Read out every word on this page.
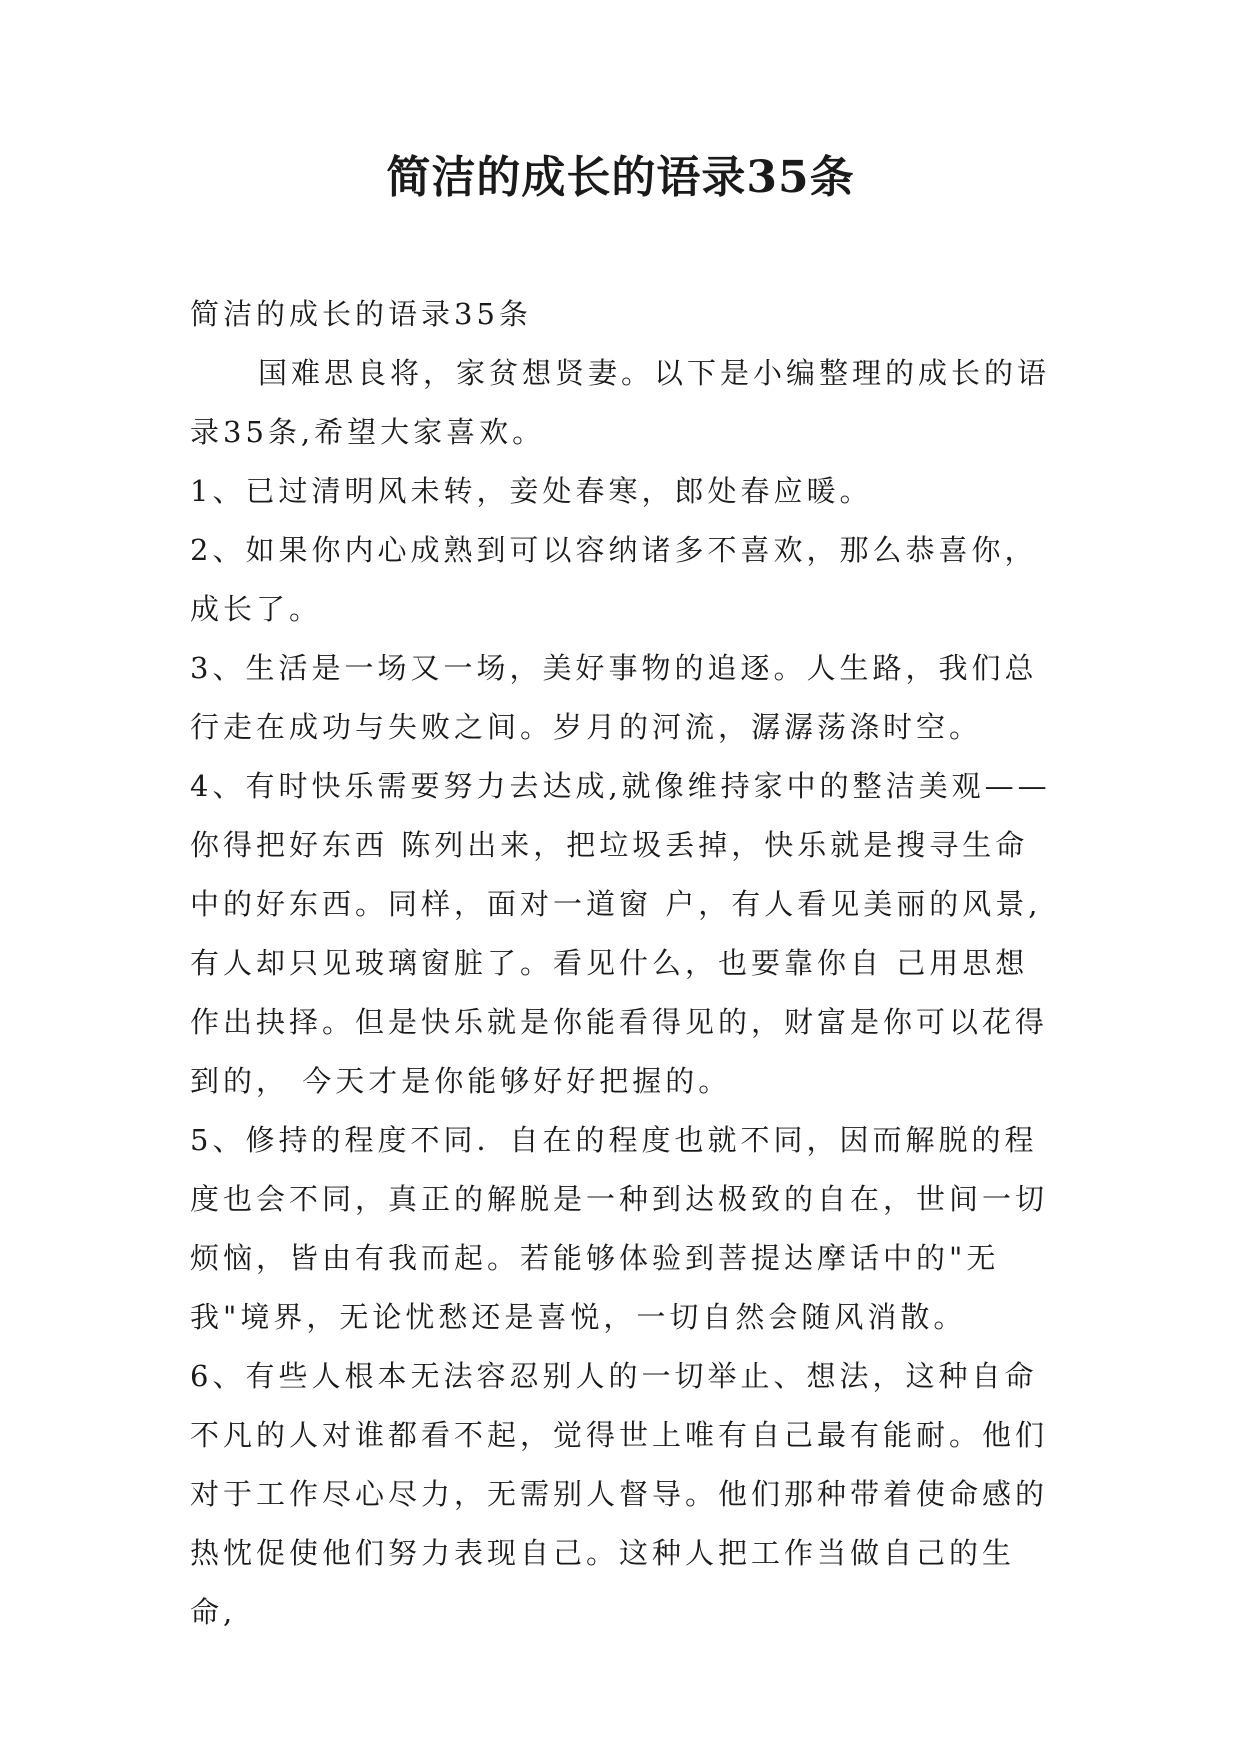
简洁的成长的语录35条

简洁的成长的语录35条

国难思良将，家贫想贤妻。以下是小编整理的成长的语录35条,希望大家喜欢。

1、已过清明风未转，妾处春寒，郎处春应暖。

2、如果你内心成熟到可以容纳诸多不喜欢，那么恭喜你，成长了。

3、生活是一场又一场，美好事物的追逐。人生路，我们总行走在成功与失败之间。岁月的河流，潺潺荡涤时空。

4、有时快乐需要努力去达成,就像维持家中的整洁美观——你得把好东西 陈列出来，把垃圾丢掉，快乐就是搜寻生命中的好东西。同样，面对一道窗 户，有人看见美丽的风景,有人却只见玻璃窗脏了。看见什么，也要靠你自 己用思想作出抉择。但是快乐就是你能看得见的，财富是你可以花得到的， 今天才是你能够好好把握的。

5、修持的程度不同．自在的程度也就不同，因而解脱的程度也会不同，真正的解脱是一种到达极致的自在，世间一切烦恼，皆由有我而起。若能够体验到菩提达摩话中的"无我"境界，无论忧愁还是喜悦，一切自然会随风消散。

6、有些人根本无法容忍别人的一切举止、想法，这种自命不凡的人对谁都看不起，觉得世上唯有自己最有能耐。他们对于工作尽心尽力，无需别人督导。他们那种带着使命感的热忱促使他们努力表现自己。这种人把工作当做自己的生命,
